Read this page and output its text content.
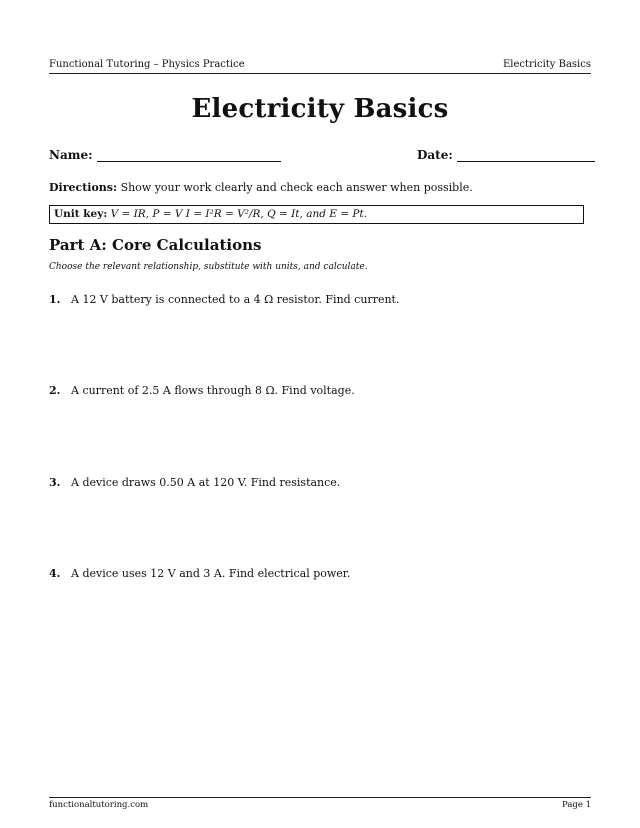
Functional Tutoring – Physics Practice	Electricity Basics
Electricity Basics
Name:	Date:
Directions: Show your work clearly and check each answer when possible.
Unit key: V = IR, P = V I = I²R = V²/R, Q = It, and E = Pt.
Part A: Core Calculations
Choose the relevant relationship, substitute with units, and calculate.
1. A 12 V battery is connected to a 4 Ω resistor. Find current.
2. A current of 2.5 A flows through 8 Ω. Find voltage.
3. A device draws 0.50 A at 120 V. Find resistance.
4. A device uses 12 V and 3 A. Find electrical power.
functionaltutoring.com	Page 1
